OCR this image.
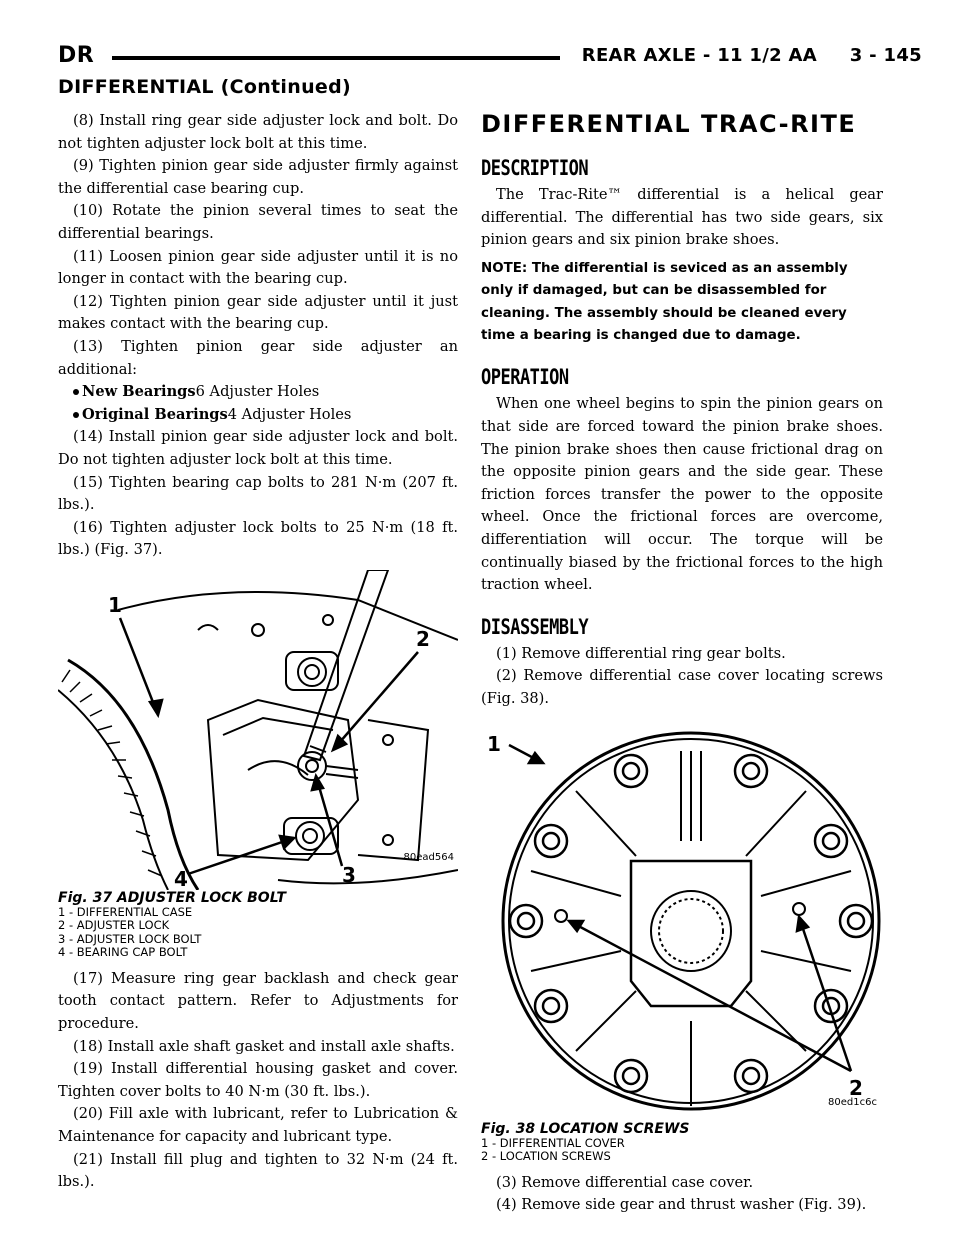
DR	REAR AXLE - 11 1/2 AA     3 - 145
DIFFERENTIAL (Continued)

(8) Install ring gear side adjuster lock and bolt. Do not tighten adjuster lock bolt at this time.

(9) Tighten pinion gear side adjuster firmly against the differential case bearing cup.

(10) Rotate the pinion several times to seat the differential bearings.

(11) Loosen pinion gear side adjuster until it is no longer in contact with the bearing cup.

(12) Tighten pinion gear side adjuster until it just makes contact with the bearing cup.

(13) Tighten pinion gear side adjuster an additional:

New Bearings6 Adjuster Holes

Original Bearings4 Adjuster Holes

(14) Install pinion gear side adjuster lock and bolt. Do not tighten adjuster lock bolt at this time.

(15) Tighten bearing cap bolts to 281 N·m (207 ft. lbs.).

(16) Tighten adjuster lock bolts to 25 N·m (18 ft. lbs.) (Fig. 37).

1
2
3
4
80ead564
Fig. 37 ADJUSTER LOCK BOLT
1 - DIFFERENTIAL CASE
2 - ADJUSTER LOCK
3 - ADJUSTER LOCK BOLT
4 - BEARING CAP BOLT

(17) Measure ring gear backlash and check gear tooth contact pattern. Refer to Adjustments for procedure.

(18) Install axle shaft gasket and install axle shafts.

(19) Install differential housing gasket and cover. Tighten cover bolts to 40 N·m (30 ft. lbs.).

(20) Fill axle with lubricant, refer to Lubrication & Maintenance for capacity and lubricant type.

(21) Install fill plug and tighten to 32 N·m (24 ft. lbs.).

DIFFERENTIAL TRAC-RITE
DESCRIPTION

The Trac-Rite™ differential is a helical gear differential. The differential has two side gears, six pinion gears and six pinion brake shoes.

NOTE: The differential is seviced as an assembly only if damaged, but can be disassembled for cleaning. The assembly should be cleaned every time a bearing is changed due to damage.

OPERATION

When one wheel begins to spin the pinion gears on that side are forced toward the pinion brake shoes. The pinion brake shoes then cause frictional drag on the opposite pinion gears and the side gear. These friction forces transfer the power to the opposite wheel. Once the frictional forces are overcome, differentiation will occur. The torque will be continually biased by the frictional forces to the high traction wheel.

DISASSEMBLY

(1) Remove differential ring gear bolts.

(2) Remove differential case cover locating screws (Fig. 38).

1
2
80ed1c6c
Fig. 38 LOCATION SCREWS
1 - DIFFERENTIAL COVER
2 - LOCATION SCREWS

(3) Remove differential case cover.

(4) Remove side gear and thrust washer (Fig. 39).
